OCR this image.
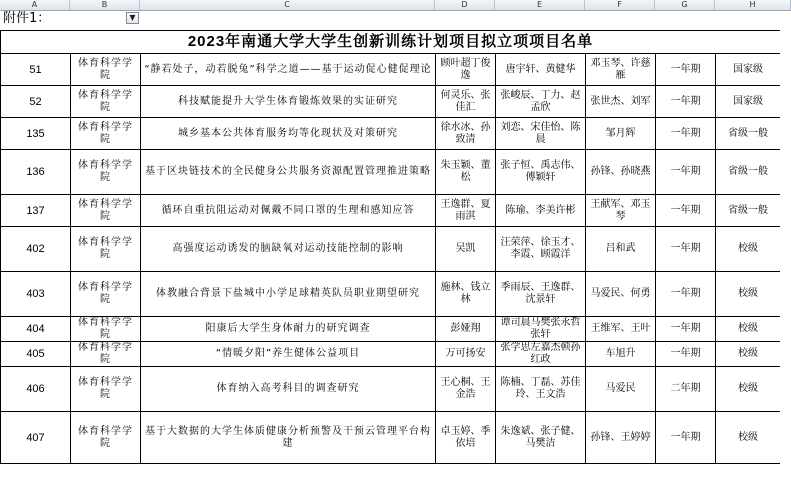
A	B	C	D	E	F	G	H
附件1：	▼
2023年南通大学大学生创新训练计划项目拟立项项目名单							
51	体育科学学院	“静若处子，动若脱兔”科学之道——基于运动促心健促理论	顾叶超丁俊逸	唐宇轩、黄健华	邓玉琴、许慈雁	一年期	国家级
52	体育科学学院	科技赋能提升大学生体育锻炼效果的实证研究	何灵乐、张佳汇	张峻辰、丁力、赵孟欣	张世杰、刘军	一年期	国家级
135	体育科学学院	城乡基本公共体育服务均等化现状及对策研究	徐水冰、孙致清	刘恋、宋佳怡、陈晨	邹月辉	一年期	省级一般
136	体育科学学院	基于区块链技术的全民健身公共服务资源配置管理推进策略	朱玉颖、董松	张子恒、禹志伟、傅颖轩	孙锋、孙晓燕	一年期	省级一般
137	体育科学学院	循环自重抗阻运动对佩戴不同口罩的生理和感知应答	王逸群、夏雨淇	陈瑜、李美许彬	王献军、邓玉琴	一年期	省级一般
402	体育科学学院	高强度运动诱发的脑缺氧对运动技能控制的影响	吴凯	汪荣萍、徐玉才、李霞、顾霞洋	吕和武	一年期	校级
403	体育科学学院	体教融合背景下盐城中小学足球精英队员职业期望研究	施林、钱立林	季雨辰、王逸群、沈景轩	马爱民、何勇	一年期	校级
404	体育科学学院	阳康后大学生身体耐力的研究调查	彭娅翔	谭司晨马樊张永哲张轩	王维军、王叶	一年期	校级
405	体育科学学院	“情暖夕阳”养生健体公益项目	万可扬安	张学思左嘉杰顿孙红政	车旭升	一年期	校级
406	体育科学学院	体育纳入高考科目的调查研究	王心桐、王金浩	陈楠、丁磊、苏佳玲、王文浩	马爱民	二年期	校级
407	体育科学学院	基于大数据的大学生体质健康分析预警及干预云管理平台构建	卓玉婷、季依培	朱逸斌、张子健、马樊洁	孙锋、王婷婷	一年期	校级
